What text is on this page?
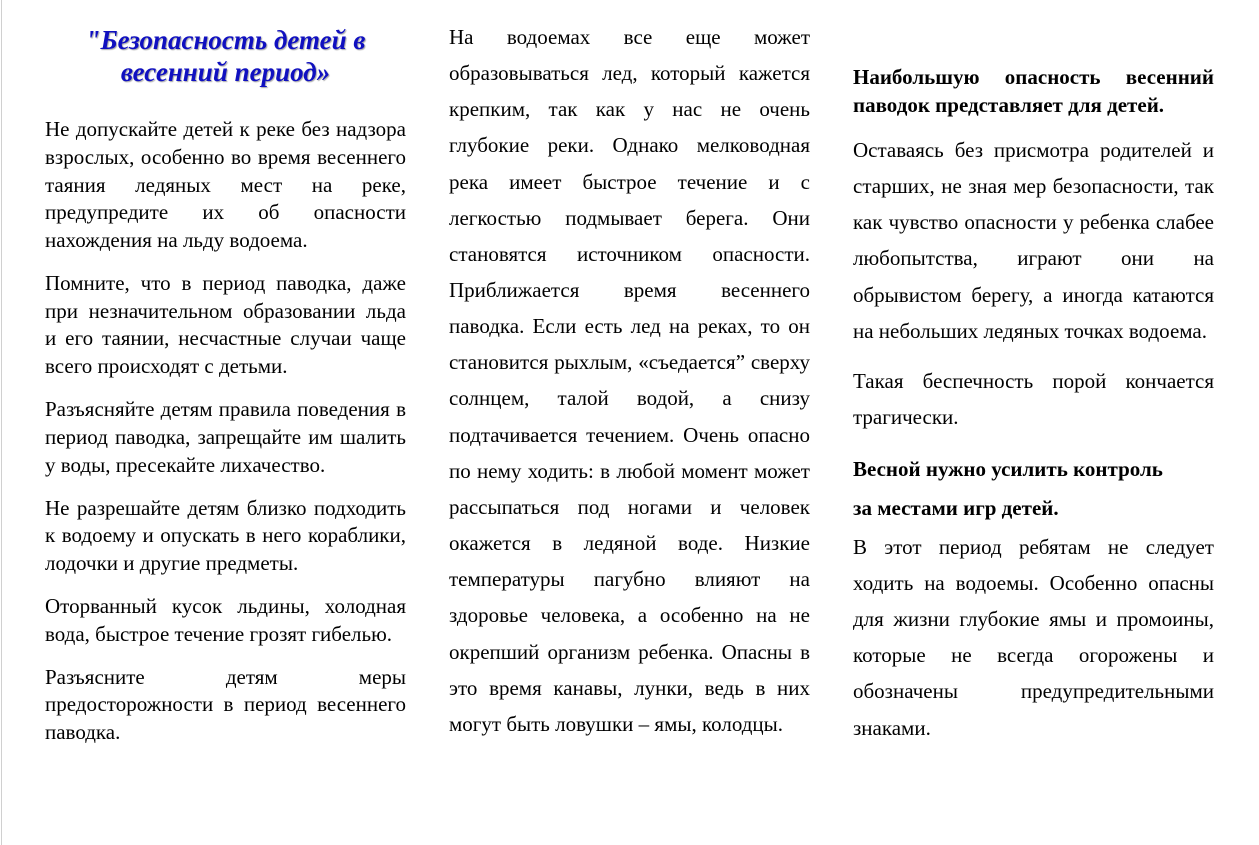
"Безопасность детей в
весенний период»
Не допускайте детей к реке без надзора
взрослых, особенно во время весеннего
таяния ледяных мест на реке,
предупредите их об опасности
нахождения на льду водоема.
Помните, что в период паводка, даже
при незначительном образовании льда
и его таянии, несчастные случаи чаще
всего происходят с детьми.
Разъясняйте детям правила поведения в
период паводка, запрещайте им шалить
у воды, пресекайте лихачество.
Не разрешайте детям близко подходить
к водоему и опускать в него кораблики,
лодочки и другие предметы.
Оторванный кусок льдины, холодная
вода, быстрое течение грозят гибелью.
Разъясните детям меры
предосторожности в период весеннего
паводка.
На водоемах все еще может
образовываться лед, который кажется
крепким, так как у нас не очень
глубокие реки. Однако мелководная
река имеет быстрое течение и с
легкостью подмывает берега. Они
становятся источником опасности.
Приближается время весеннего
паводка. Если есть лед на реках, то он
становится рыхлым, «съедается” сверху
солнцем, талой водой, а снизу
подтачивается течением. Очень опасно
по нему ходить: в любой момент может
рассыпаться под ногами и человек
окажется в ледяной воде. Низкие
температуры пагубно влияют на
здоровье человека, а особенно на не
окрепший организм ребенка. Опасны в
это время канавы, лунки, ведь в них
могут быть ловушки – ямы, колодцы.
Наибольшую опасность весенний
паводок представляет для детей.
Оставаясь без присмотра родителей и
старших, не зная мер безопасности, так
как чувство опасности у ребенка слабее
любопытства, играют они на
обрывистом берегу, а иногда катаются
на небольших ледяных точках водоема.
Такая беспечность порой кончается
трагически.
Весной нужно усилить контроль
за местами игр детей.
В этот период ребятам не следует
ходить на водоемы. Особенно опасны
для жизни глубокие ямы и промоины,
которые не всегда огорожены и
обозначены предупредительными
знаками.
